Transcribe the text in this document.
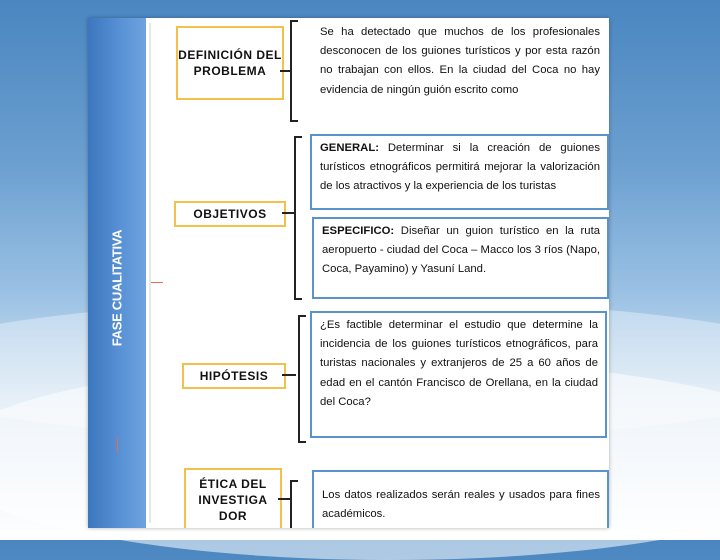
FASE CUALITATIVA
DEFINICIÓN DEL PROBLEMA
Se ha detectado que muchos de los profesionales desconocen de los guiones turísticos y por esta razón no trabajan con ellos. En la ciudad del Coca no hay evidencia de ningún guión escrito como
OBJETIVOS
GENERAL: Determinar si la creación de guiones turísticos etnográficos permitirá mejorar la valorización de los atractivos y la experiencia de los turistas
ESPECIFICO: Diseñar un guion turístico en la ruta aeropuerto - ciudad del Coca – Macco los 3 ríos (Napo, Coca, Payamino) y Yasuní Land.
HIPÓTESIS
¿Es factible determinar el estudio que determine la incidencia de los guiones turísticos etnográficos, para turistas nacionales y extranjeros de 25 a 60 años de edad en el cantón Francisco de Orellana, en la ciudad del Coca?
ÉTICA DEL INVESTIGA DOR
Los datos realizados serán reales y usados para fines académicos.
